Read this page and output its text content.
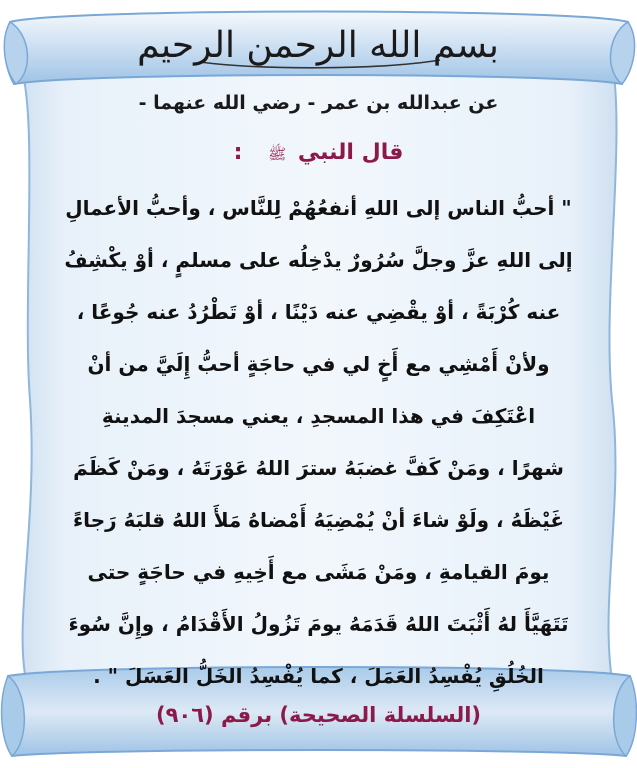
بسم الله الرحمن الرحيم
عن عبدالله بن عمر - رضي الله عنهما -
قال النبي ﷺ :
" أحبُّ الناس إلى اللهِ أنفعُهُمْ لِلنَّاس ، وأحبُّ الأعمالِ
إلى اللهِ عزَّ وجلَّ سُرُورٌ يدْخِلُه على مسلمٍ ، أوْ يكْشِفُ
عنه كُرْبَةً ، أوْ يقْضِي عنه دَيْنًا ، أوْ تَطْرُدُ عنه جُوعًا ،
ولأنْ أَمْشِي مع أَخٍ لي في حاجَةٍ أحبُّ إِلَيَّ من أنْ
اعْتَكِفَ في هذا المسجدِ ، يعني مسجدَ المدينةِ
شهرًا ، ومَنْ كَفَّ غضبَهُ سترَ اللهُ عَوْرَتَهُ ، ومَنْ كَظَمَ
غَيْظَهُ ، ولَوْ شاءَ أنْ يُمْضِيَهُ أَمْضاهُ مَلأَ اللهُ قلبَهُ رَجاءً
يومَ القيامةِ ، ومَنْ مَشَى مع أَخِيهِ في حاجَةٍ حتى
تَتَهَيَّأَ لهُ أَثْبَتَ اللهُ قَدَمَهُ يومَ تَزُولُ الأَقْدَامُ ، وإِنَّ سُوءَ
الخُلُقِ يُفْسِدُ العَمَلَ ، كما يُفْسِدُ الخَلُّ العَسَلَ " .
(السلسلة الصحيحة) برقم (٩٠٦)
